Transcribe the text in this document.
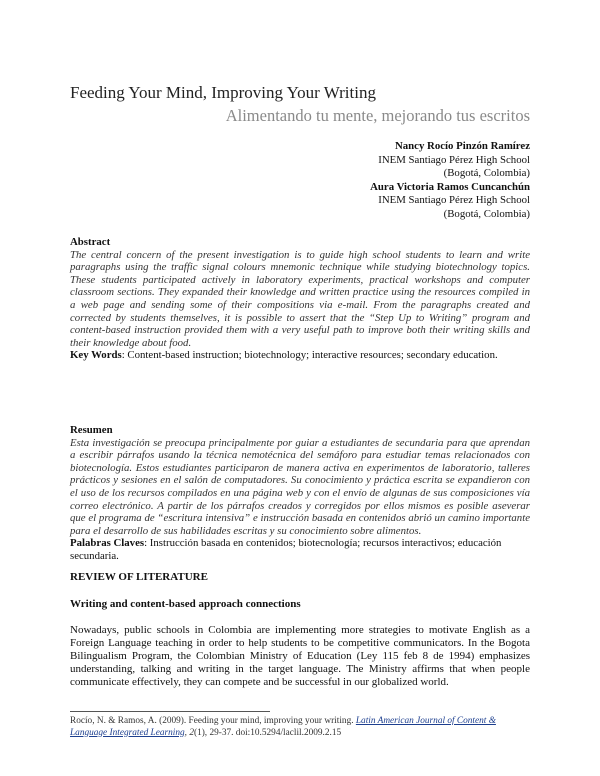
Feeding Your Mind, Improving Your Writing
Alimentando tu mente, mejorando tus escritos
Nancy Rocío Pinzón Ramírez
INEM Santiago Pérez High School
(Bogotá, Colombia)
Aura Victoria Ramos Cuncanchún
INEM Santiago Pérez High School
(Bogotá, Colombia)
Abstract
The central concern of the present investigation is to guide high school students to learn and write paragraphs using the traffic signal colours mnemonic technique while studying biotechnology topics. These students participated actively in laboratory experiments, practical workshops and computer classroom sections. They expanded their knowledge and written practice using the resources compiled in a web page and sending some of their compositions via e-mail. From the paragraphs created and corrected by students themselves, it is possible to assert that the “Step Up to Writing” program and content-based instruction provided them with a very useful path to improve both their writing skills and their knowledge about food.
Key Words: Content-based instruction; biotechnology; interactive resources; secondary education.
Resumen
Esta investigación se preocupa principalmente por guiar a estudiantes de secundaria para que aprendan a escribir párrafos usando la técnica nemotécnica del semáforo para estudiar temas relacionados con biotecnología. Estos estudiantes participaron de manera activa en experimentos de laboratorio, talleres prácticos y sesiones en el salón de computadores. Su conocimiento y práctica escrita se expandieron con el uso de los recursos compilados en una página web y con el envío de algunas de sus composiciones vía correo electrónico. A partir de los párrafos creados y corregidos por ellos mismos es posible aseverar que el programa de “escritura intensiva” e instrucción basada en contenidos abrió un camino importante para el desarrollo de sus habilidades escritas y su conocimiento sobre alimentos.
Palabras Claves: Instrucción basada en contenidos; biotecnología; recursos interactivos; educación secundaria.
REVIEW OF LITERATURE
Writing and content-based approach connections
Nowadays, public schools in Colombia are implementing more strategies to motivate English as a Foreign Language teaching in order to help students to be competitive communicators. In the Bogota Bilingualism Program, the Colombian Ministry of Education (Ley 115 feb 8 de 1994) emphasizes understanding, talking and writing in the target language. The Ministry affirms that when people communicate effectively, they can compete and be successful in our globalized world.
Rocío, N. & Ramos, A. (2009). Feeding your mind, improving your writing. Latin American Journal of Content & Language Integrated Learning, 2(1), 29-37. doi:10.5294/laclil.2009.2.15
